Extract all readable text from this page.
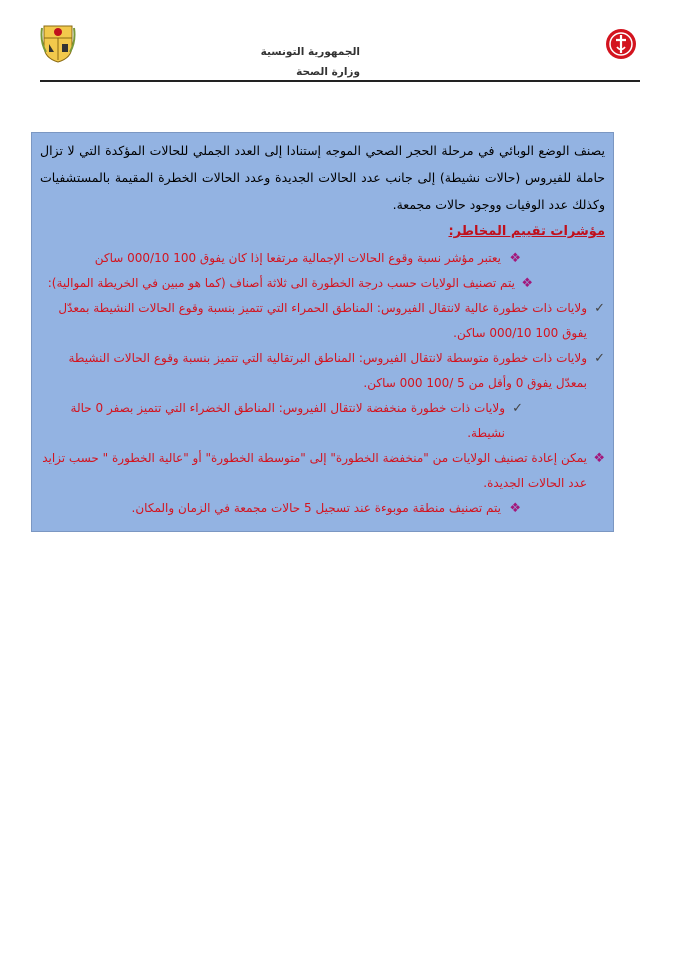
الجمهورية التونسية
وزارة الصحة

يصنف الوضع الوبائي في مرحلة الحجر الصحي الموجه إستنادا إلى العدد الجملي للحالات المؤكدة التي لا تزال حاملة للفيروس (حالات نشيطة) إلى جانب عدد الحالات الجديدة وعدد الحالات الخطرة المقيمة بالمستشفيات وكذلك عدد الوفيات ووجود حالات مجمعة.

مؤشرات تقييم المخاطر:
❖
يعتبر مؤشر نسبة وقوع الحالات الإجمالية مرتفعا إذا كان يفوق 100 000/10 ساكن
❖
يتم تصنيف الولايات حسب درجة الخطورة الى ثلاثة أصناف (كما هو مبين في الخريطة الموالية):
✓
ولايات ذات خطورة عالية لانتقال الفيروس: المناطق الحمراء التي تتميز بنسبة وقوع الحالات النشيطة بمعدّل يفوق 100 000/10 ساكن.
✓
ولايات ذات خطورة متوسطة لانتقال الفيروس: المناطق البرتقالية التي تتميز بنسبة وقوع الحالات النشيطة بمعدّل يفوق 0 وأقل من 5 /100 000 ساكن.
✓
ولايات ذات خطورة منخفضة لانتقال الفيروس: المناطق الخضراء التي تتميز بصفر 0 حالة نشيطة.
❖
يمكن إعادة تصنيف الولايات من "منخفضة الخطورة" إلى "متوسطة الخطورة" أو "عالية الخطورة " حسب تزايد عدد الحالات الجديدة.
❖
يتم تصنيف منطقة موبوءة عند تسجيل 5 حالات مجمعة في الزمان والمكان.
